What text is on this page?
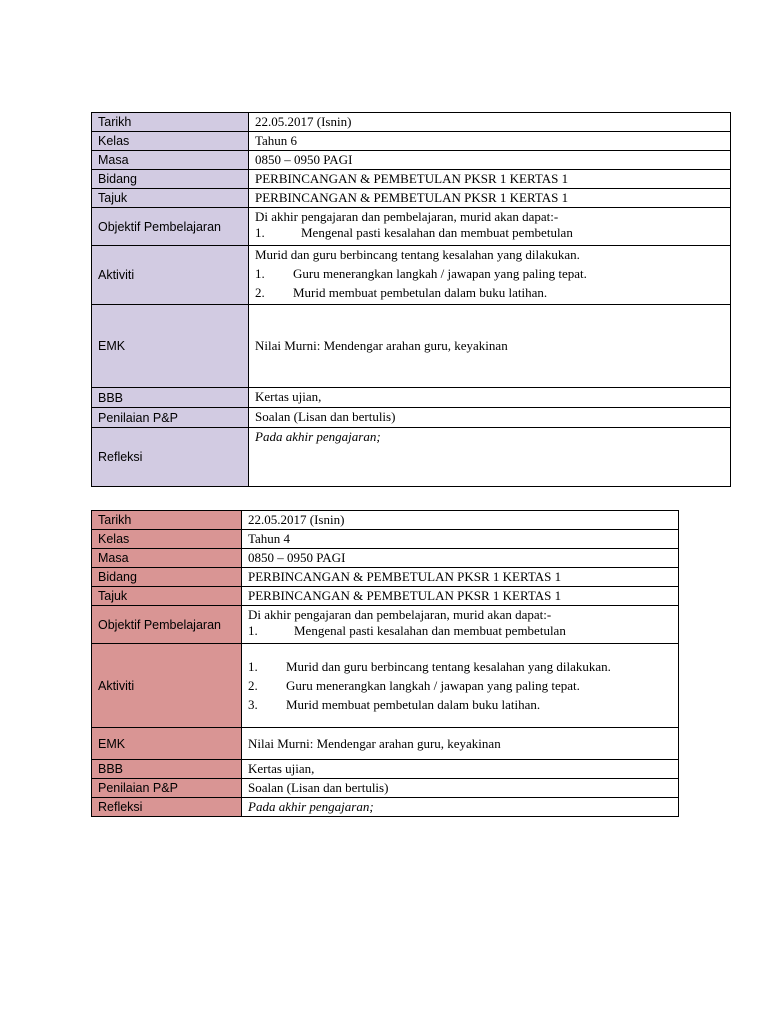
Tarikh	22.05.2017 (Isnin)
Kelas	Tahun 6
Masa	0850 – 0950 PAGI
Bidang	PERBINCANGAN & PEMBETULAN PKSR 1 KERTAS 1
Tajuk	PERBINCANGAN & PEMBETULAN PKSR 1 KERTAS 1
Objektif Pembelajaran	Di akhir pengajaran dan pembelajaran, murid akan dapat:-
1. Mengenal pasti kesalahan dan membuat pembetulan

Aktiviti	Murid dan guru berbincang tentang kesalahan yang dilakukan.
1. Guru menerangkan langkah / jawapan yang paling tepat.
2. Murid membuat pembetulan dalam buku latihan.

EMK	Nilai Murni: Mendengar arahan guru, keyakinan
BBB	Kertas ujian,
Penilaian P&P	Soalan (Lisan dan bertulis)
Refleksi	Pada akhir pengajaran;
Tarikh	22.05.2017 (Isnin)
Kelas	Tahun 4
Masa	0850 – 0950 PAGI
Bidang	PERBINCANGAN & PEMBETULAN PKSR 1 KERTAS 1
Tajuk	PERBINCANGAN & PEMBETULAN PKSR 1 KERTAS 1
Objektif Pembelajaran	Di akhir pengajaran dan pembelajaran, murid akan dapat:-
1. Mengenal pasti kesalahan dan membuat pembetulan

Aktiviti	1. Murid dan guru berbincang tentang kesalahan yang dilakukan.
2. Guru menerangkan langkah / jawapan yang paling tepat.
3. Murid membuat pembetulan dalam buku latihan.

EMK	Nilai Murni: Mendengar arahan guru, keyakinan
BBB	Kertas ujian,
Penilaian P&P	Soalan (Lisan dan bertulis)
Refleksi	Pada akhir pengajaran;
